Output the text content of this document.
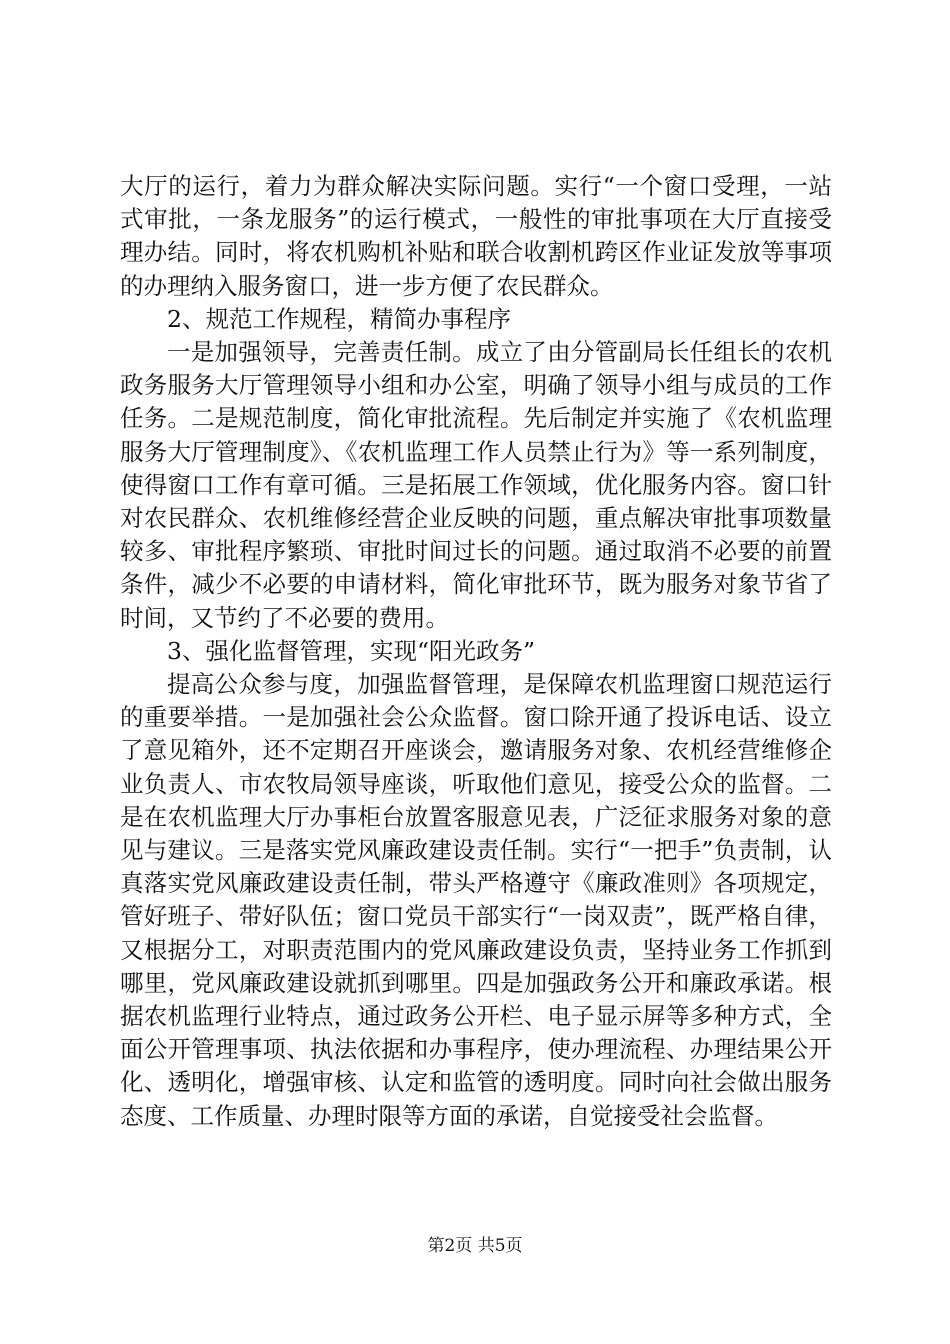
大厅的运行，着力为群众解决实际问题。实行“一个窗口受理，一站式审批，一条龙服务”的运行模式，一般性的审批事项在大厅直接受理办结。同时，将农机购机补贴和联合收割机跨区作业证发放等事项的办理纳入服务窗口，进一步方便了农民群众。

2、规范工作规程，精简办事程序

一是加强领导，完善责任制。成立了由分管副局长任组长的农机政务服务大厅管理领导小组和办公室，明确了领导小组与成员的工作任务。二是规范制度，简化审批流程。先后制定并实施了《农机监理服务大厅管理制度》、《农机监理工作人员禁止行为》等一系列制度，使得窗口工作有章可循。三是拓展工作领域，优化服务内容。窗口针对农民群众、农机维修经营企业反映的问题，重点解决审批事项数量较多、审批程序繁琐、审批时间过长的问题。通过取消不必要的前置条件，减少不必要的申请材料，简化审批环节，既为服务对象节省了时间，又节约了不必要的费用。

3、强化监督管理，实现“阳光政务”

提高公众参与度，加强监督管理，是保障农机监理窗口规范运行的重要举措。一是加强社会公众监督。窗口除开通了投诉电话、设立了意见箱外，还不定期召开座谈会，邀请服务对象、农机经营维修企业负责人、市农牧局领导座谈，听取他们意见，接受公众的监督。二是在农机监理大厅办事柜台放置客服意见表，广泛征求服务对象的意见与建议。三是落实党风廉政建设责任制。实行“一把手”负责制，认真落实党风廉政建设责任制，带头严格遵守《廉政准则》各项规定，管好班子、带好队伍；窗口党员干部实行“一岗双责”，既严格自律，又根据分工，对职责范围内的党风廉政建设负责，坚持业务工作抓到哪里，党风廉政建设就抓到哪里。四是加强政务公开和廉政承诺。根据农机监理行业特点，通过政务公开栏、电子显示屏等多种方式，全面公开管理事项、执法依据和办事程序，使办理流程、办理结果公开化、透明化，增强审核、认定和监管的透明度。同时向社会做出服务态度、工作质量、办理时限等方面的承诺，自觉接受社会监督。

第2页 共5页
